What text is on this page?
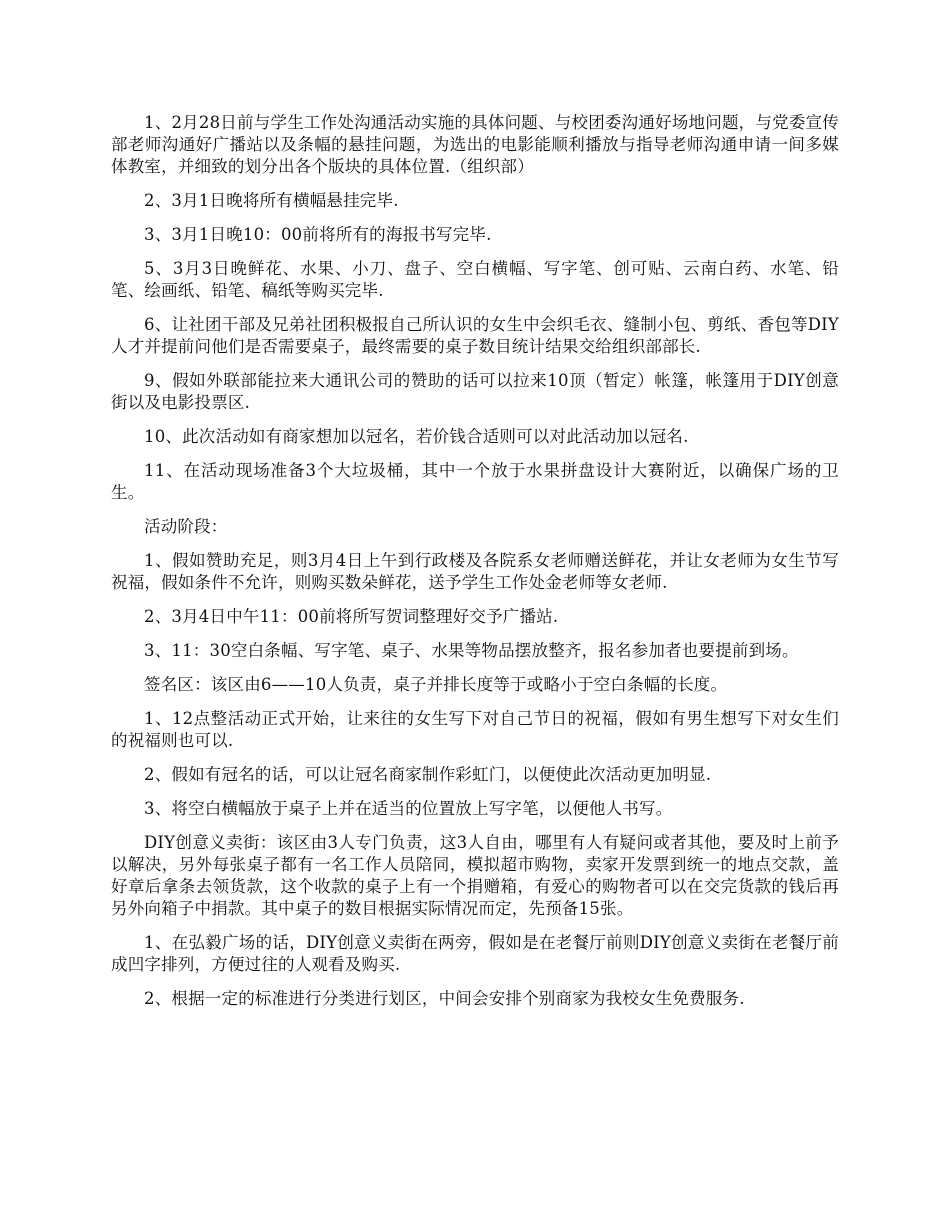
1、2月28日前与学生工作处沟通活动实施的具体问题、与校团委沟通好场地问题，与党委宣传部老师沟通好广播站以及条幅的悬挂问题，为选出的电影能顺利播放与指导老师沟通申请一间多媒体教室，并细致的划分出各个版块的具体位置.（组织部）

2、3月1日晚将所有横幅悬挂完毕.

3、3月1日晚10：00前将所有的海报书写完毕.

5、3月3日晚鲜花、水果、小刀、盘子、空白横幅、写字笔、创可贴、云南白药、水笔、铅笔、绘画纸、铅笔、稿纸等购买完毕.

6、让社团干部及兄弟社团积极报自己所认识的女生中会织毛衣、缝制小包、剪纸、香包等DIY人才并提前问他们是否需要桌子，最终需要的桌子数目统计结果交给组织部部长.

9、假如外联部能拉来大通讯公司的赞助的话可以拉来10顶（暂定）帐篷，帐篷用于DIY创意街以及电影投票区.

10、此次活动如有商家想加以冠名，若价钱合适则可以对此活动加以冠名.

11、在活动现场准备3个大垃圾桶，其中一个放于水果拼盘设计大赛附近，以确保广场的卫生。

活动阶段：

1、假如赞助充足，则3月4日上午到行政楼及各院系女老师赠送鲜花，并让女老师为女生节写祝福，假如条件不允许，则购买数朵鲜花，送予学生工作处金老师等女老师.

2、3月4日中午11：00前将所写贺词整理好交予广播站.

3、11：30空白条幅、写字笔、桌子、水果等物品摆放整齐，报名参加者也要提前到场。

签名区：该区由6——10人负责，桌子并排长度等于或略小于空白条幅的长度。

1、12点整活动正式开始，让来往的女生写下对自己节日的祝福，假如有男生想写下对女生们的祝福则也可以.

2、假如有冠名的话，可以让冠名商家制作彩虹门，以便使此次活动更加明显.

3、将空白横幅放于桌子上并在适当的位置放上写字笔，以便他人书写。

DIY创意义卖街：该区由3人专门负责，这3人自由，哪里有人有疑问或者其他，要及时上前予以解决，另外每张桌子都有一名工作人员陪同，模拟超市购物，卖家开发票到统一的地点交款，盖好章后拿条去领货款，这个收款的桌子上有一个捐赠箱，有爱心的购物者可以在交完货款的钱后再另外向箱子中捐款。其中桌子的数目根据实际情况而定，先预备15张。

1、在弘毅广场的话，DIY创意义卖街在两旁，假如是在老餐厅前则DIY创意义卖街在老餐厅前成凹字排列，方便过往的人观看及购买.

2、根据一定的标准进行分类进行划区，中间会安排个别商家为我校女生免费服务.
